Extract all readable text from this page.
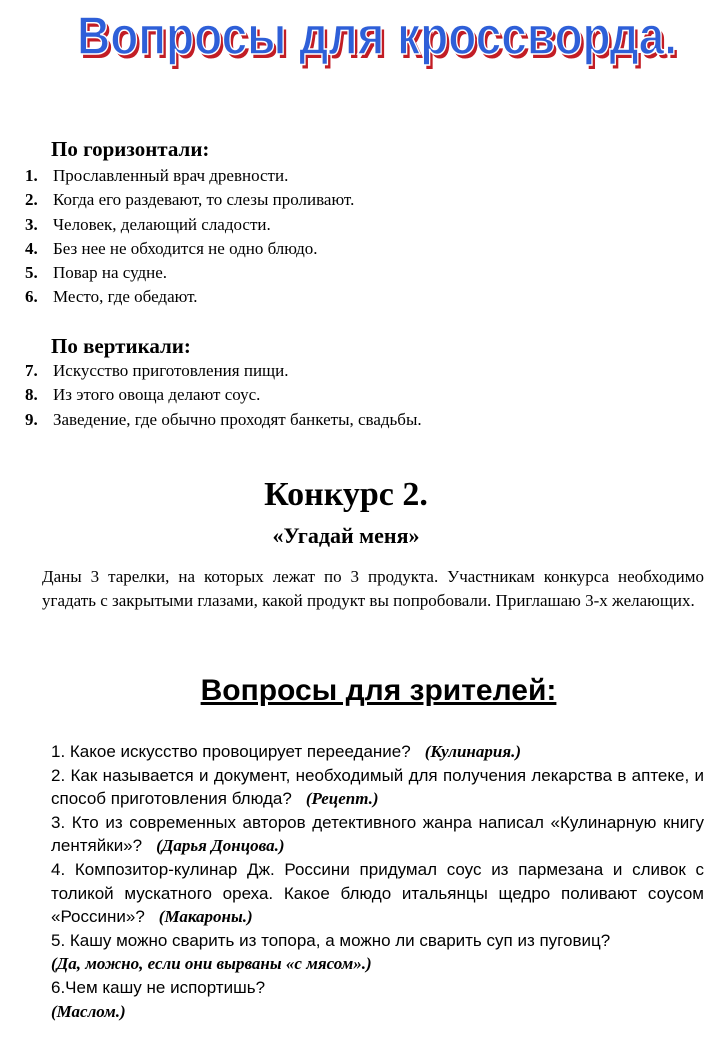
Вопросы для кроссворда.
Вопросы для кроссворда.
По горизонтали:
1. Прославленный врач древности.
2. Когда его раздевают, то слезы проливают.
3. Человек, делающий сладости.
4. Без нее не обходится не одно блюдо.
5. Повар на судне.
6. Место, где обедают.
По вертикали:
7. Искусство приготовления пищи.
8. Из этого овоща делают соус.
9. Заведение, где обычно проходят банкеты, свадьбы.
Конкурс 2.
«Угадай меня»
Даны 3 тарелки, на которых лежат по 3 продукта. Участникам конкурса необходимо угадать с закрытыми глазами, какой продукт вы попробовали. Приглашаю 3-х желающих.
Вопросы для зрителей:
1. Какое искусство провоцирует переедание? (Кулинария.)
2. Как называется и документ, необходимый для получения лекарства в аптеке, и способ приготовления блюда? (Рецепт.)
3. Кто из современных авторов детективного жанра написал «Кулинарную книгу лентяйки»? (Дарья Донцова.)
4. Композитор-кулинар Дж. Россини придумал соус из пармезана и сливок с толикой мускатного ореха. Какое блюдо итальянцы щедро поливают соусом «Россини»? (Макароны.)
5. Кашу можно сварить из топора, а можно ли сварить суп из пуговиц?
(Да, можно, если они вырваны «с мясом».)
6.Чем кашу не испортишь?
(Маслом.)
